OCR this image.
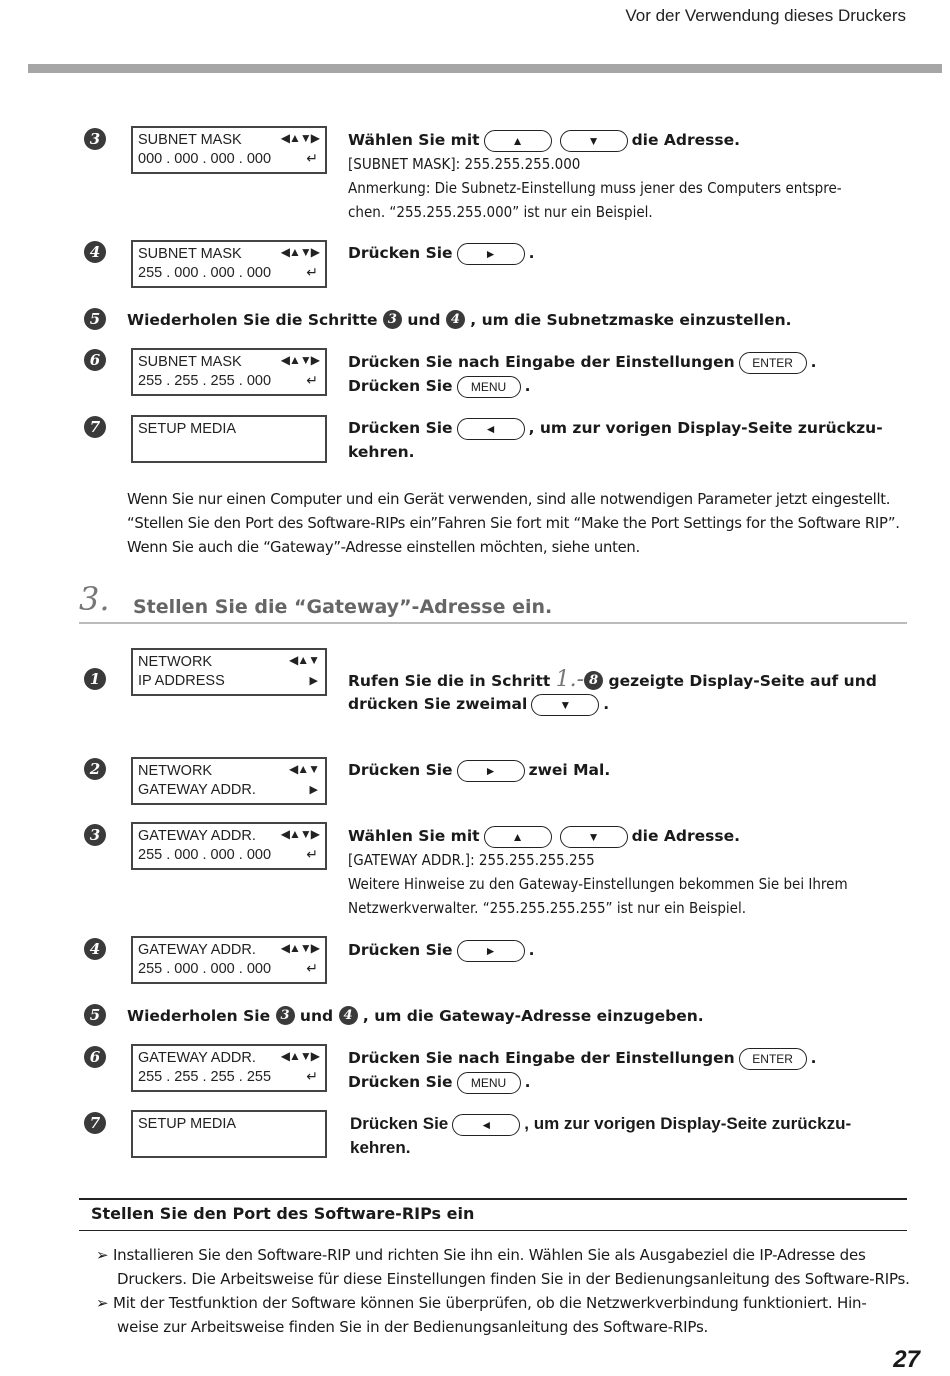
Vor der Verwendung dieses Druckers
3	SUBNET MASK
000 . 000 . 000 . 000
◀▲▼▶
↵
Wählen Sie mit	▲	▼ die Adresse.
[SUBNET MASK]: 255.255.255.000
Anmerkung: Die Subnetz-Einstellung muss jener des Computers entspre-
chen. “255.255.255.000” ist nur ein Beispiel.
4	SUBNET MASK
255 . 000 . 000 . 000
◀▲▼▶
↵
Drücken Sie	► .
5	Wiederholen Sie die Schritte 3 und 4 , um die Subnetzmaske einzustellen.
6	SUBNET MASK
255 . 255 . 255 . 000
◀▲▼▶
↵
Drücken Sie nach Eingabe der Einstellungen ENTER .
Drücken Sie MENU .
7	SETUP MEDIA	Drücken Sie	◄ , um zur vorigen Display-Seite zurückzu-
kehren.
Wenn Sie nur einen Computer und ein Gerät verwenden, sind alle notwendigen Parameter jetzt eingestellt.
“Stellen Sie den Port des Software-RIPs ein”Fahren Sie fort mit “Make the Port Settings for the Software RIP”.
Wenn Sie auch die “Gateway”-Adresse einstellen möchten, siehe unten.
3. Stellen Sie die “Gateway”-Adresse ein.
1
NETWORK
IP ADDRESS
◀▲▼
▶ Rufen Sie die in Schritt 1.- 8 gezeigte Display-Seite auf und
drücken Sie zweimal	▼ .
2	NETWORK
GATEWAY ADDR.
◀▲▼
▶
Drücken Sie	► zwei Mal.
3	GATEWAY ADDR.
255 . 000 . 000 . 000
◀▲▼▶
↵
Wählen Sie mit	▲	▼ die Adresse.
[GATEWAY ADDR.]: 255.255.255.255
Weitere Hinweise zu den Gateway-Einstellungen bekommen Sie bei Ihrem
Netzwerkverwalter. “255.255.255.255” ist nur ein Beispiel.
4	GATEWAY ADDR.
255 . 000 . 000 . 000
◀▲▼▶
↵
Drücken Sie	► .
5	Wiederholen Sie 3 und 4 , um die Gateway-Adresse einzugeben.
6	GATEWAY ADDR.
255 . 255 . 255 . 255
◀▲▼▶
↵
Drücken Sie nach Eingabe der Einstellungen ENTER .
Drücken Sie MENU .
7	SETUP MEDIA	Drücken Sie	◄ , um zur vorigen Display-Seite zurückzu-
kehren.
Stellen Sie den Port des Software-RIPs ein
➢ Installieren Sie den Software-RIP und richten Sie ihn ein. Wählen Sie als Ausgabeziel die IP-Adresse des
Druckers. Die Arbeitsweise für diese Einstellungen finden Sie in der Bedienungsanleitung des Software-RIPs.
➢ Mit der Testfunktion der Software können Sie überprüfen, ob die Netzwerkverbindung funktioniert. Hin-
weise zur Arbeitsweise finden Sie in der Bedienungsanleitung des Software-RIPs.
27
